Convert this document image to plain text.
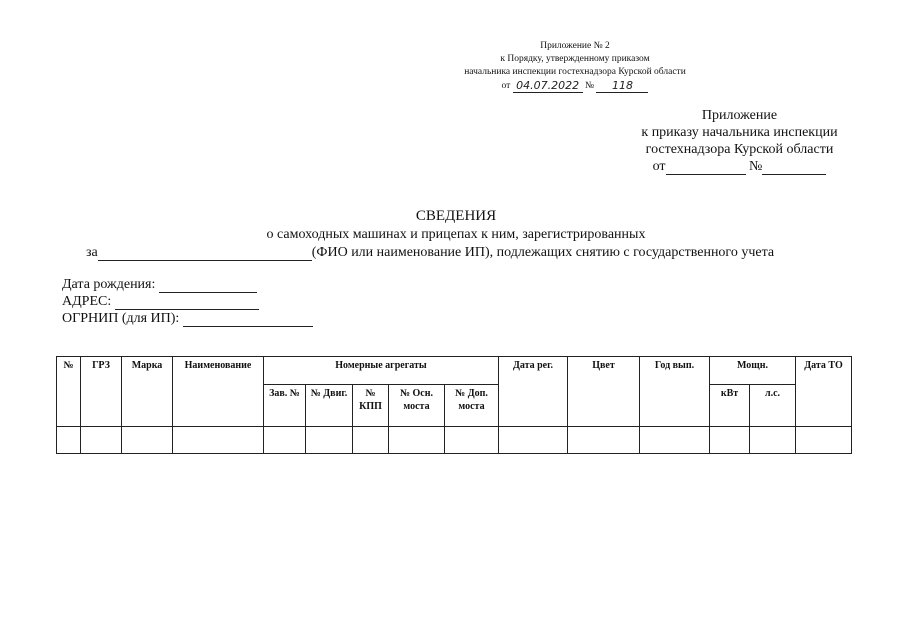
Приложение № 2
к Порядку, утвержденному приказом
начальника инспекции гостехнадзора Курской области
от 04.07.2022 № 118
Приложение
к приказу начальника инспекции
гостехнадзора Курской области
от	№
СВЕДЕНИЯ
о самоходных машинах и прицепах к ним, зарегистрированных
за	(ФИО или наименование ИП), подлежащих снятию с государственного учета
Дата рождения:
АДРЕС:
ОГРНИП (для ИП):
№	ГРЗ	Марка	Наименование	Номерные агрегаты					Дата рег.	Цвет	Год вып.	Мощн.		Дата ТО
				Зав. №	№ Двиг.	№ КПП	№ Осн. моста	№ Доп. моста				кВт	л.с.	
